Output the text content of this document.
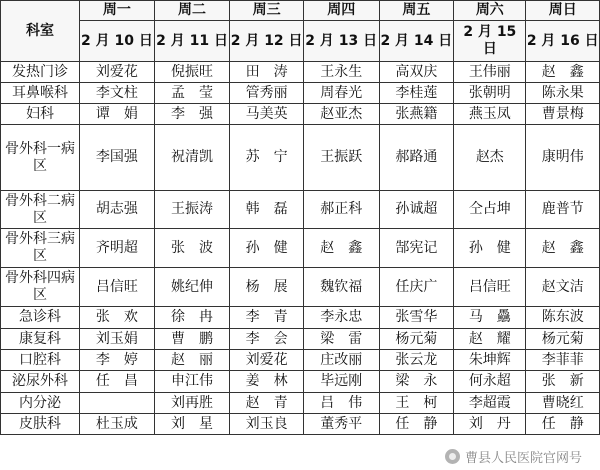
科室	周一	周二	周三	周四	周五	周六	周日
	2 月 10 日	2 月 11 日	2 月 12 日	2 月 13 日	2 月 14 日	2 月 15 日	2 月 16 日
发热门诊	刘爱花	倪振旺	田　涛	王永生	高双庆	王伟丽	赵　鑫
耳鼻喉科	李文柱	孟　莹	管秀丽	周春光	李桂莲	张朝明	陈永果
妇科	谭　娟	李　强	马美英	赵亚杰	张燕籍	燕玉凤	曹景梅
骨外科一病区	李国强	祝清凯	苏　宁	王振跃	郝路通	赵杰	康明伟
骨外科二病区	胡志强	王振涛	韩　磊	郝正科	孙诚超	仝占坤	鹿普节
骨外科三病区	齐明超	张　波	孙　健	赵　鑫	郜宪记	孙　健	赵　鑫
骨外科四病区	吕信旺	姚纪伸	杨　展	魏钦福	任庆广	吕信旺	赵文洁
急诊科	张　欢	徐　冉	李　青	李永忠	张雪华	马　驫	陈东波
康复科	刘玉娟	曹　鹏	李　会	梁　雷	杨元菊	赵　耀	杨元菊
口腔科	李　婷	赵　丽	刘爱花	庄改丽	张云龙	朱坤辉	李菲菲
泌尿外科	任　昌	申江伟	姜　林	毕远刚	梁　永	何永超	张　新
内分泌		刘再胜	赵　青	吕　伟	王　柯	李超霞	曹晓红
皮肤科	杜玉成	刘　星	刘玉良	董秀平	任　静	刘　丹	任　静
曹县人民医院官网号
